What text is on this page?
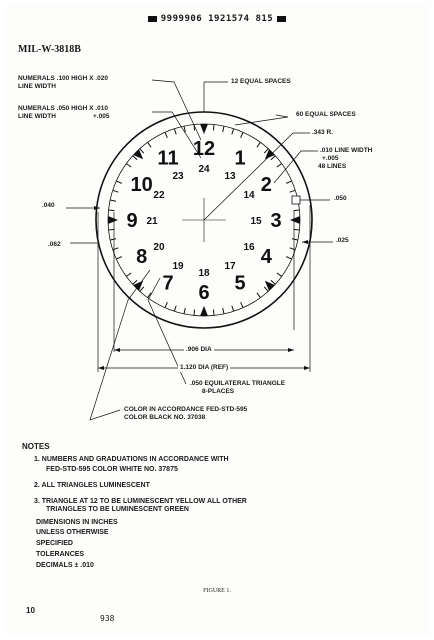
9999906 1921574 815
MIL-W-3818B
12 1
2
3
4
5
6
7
8
9
10
11 24
13
14
15
16
17
18
19
20
21
22
23
NUMERALS .100 HIGH X .020
LINE WIDTH
NUMERALS .050 HIGH X .010
LINE WIDTH	+.005
12 EQUAL SPACES
60 EQUAL SPACES
.343 R.
.010 LINE WIDTH
+.005
48 LINES
.040
.050
.062
.025
.906 DIA
1.120 DIA (REF)
.050 EQUILATERAL TRIANGLE
8-PLACES
COLOR IN ACCORDANCE FED-STD-595
COLOR BLACK NO. 37038
NOTES
1. NUMBERS AND GRADUATIONS IN ACCORDANCE WITH
FED-STD-595 COLOR WHITE NO. 37875
2. ALL TRIANGLES LUMINESCENT
3. TRIANGLE AT 12 TO BE LUMINESCENT YELLOW ALL OTHER
TRIANGLES TO BE LUMINESCENT GREEN
DIMENSIONS IN INCHES
UNLESS OTHERWISE
SPECIFIED
TOLERANCES
DECIMALS ± .010
FIGURE 1.
10
938
